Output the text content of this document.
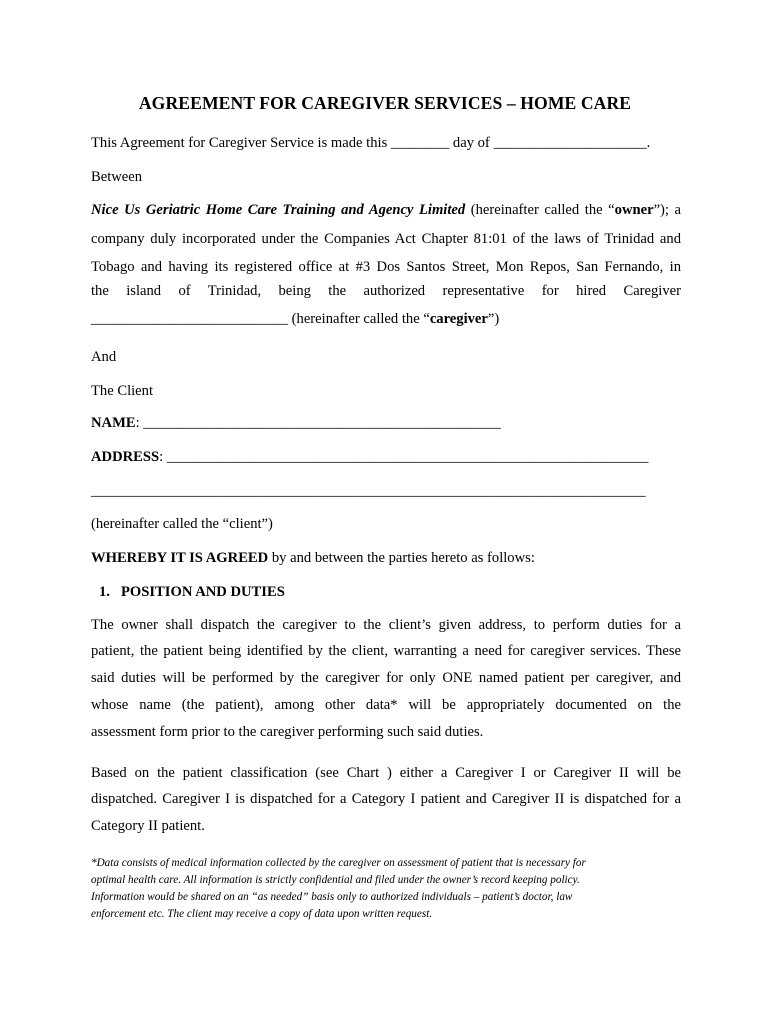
AGREEMENT FOR CAREGIVER SERVICES – HOME CARE
This Agreement for Caregiver Service is made this ________ day of _____________________.
Between
Nice Us Geriatric Home Care Training and Agency Limited (hereinafter called the “owner”); a
company duly incorporated under the Companies Act Chapter 81:01 of the laws of Trinidad and
Tobago and having its registered office at #3 Dos Santos Street, Mon Repos, San Fernando, in
the island of Trinidad, being the authorized representative for hired Caregiver
___________________________ (hereinafter called the “caregiver”)
And
The Client
NAME: _________________________________________________
ADDRESS: __________________________________________________________________
____________________________________________________________________________
(hereinafter called the “client”)
WHEREBY IT IS AGREED by and between the parties hereto as follows:
1. POSITION AND DUTIES
The owner shall dispatch the caregiver to the client’s given address, to perform duties for a
patient, the patient being identified by the client, warranting a need for caregiver services. These
said duties will be performed by the caregiver for only ONE named patient per caregiver, and
whose name (the patient), among other data* will be appropriately documented on the
assessment form prior to the caregiver performing such said duties.
Based on the patient classification (see Chart ) either a Caregiver I or Caregiver II will be
dispatched. Caregiver I is dispatched for a Category I patient and Caregiver II is dispatched for a
Category II patient.
*Data consists of medical information collected by the caregiver on assessment of patient that is necessary for
optimal health care. All information is strictly confidential and filed under the owner’s record keeping policy.
Information would be shared on an “as needed” basis only to authorized individuals – patient’s doctor, law
enforcement etc. The client may receive a copy of data upon written request.
